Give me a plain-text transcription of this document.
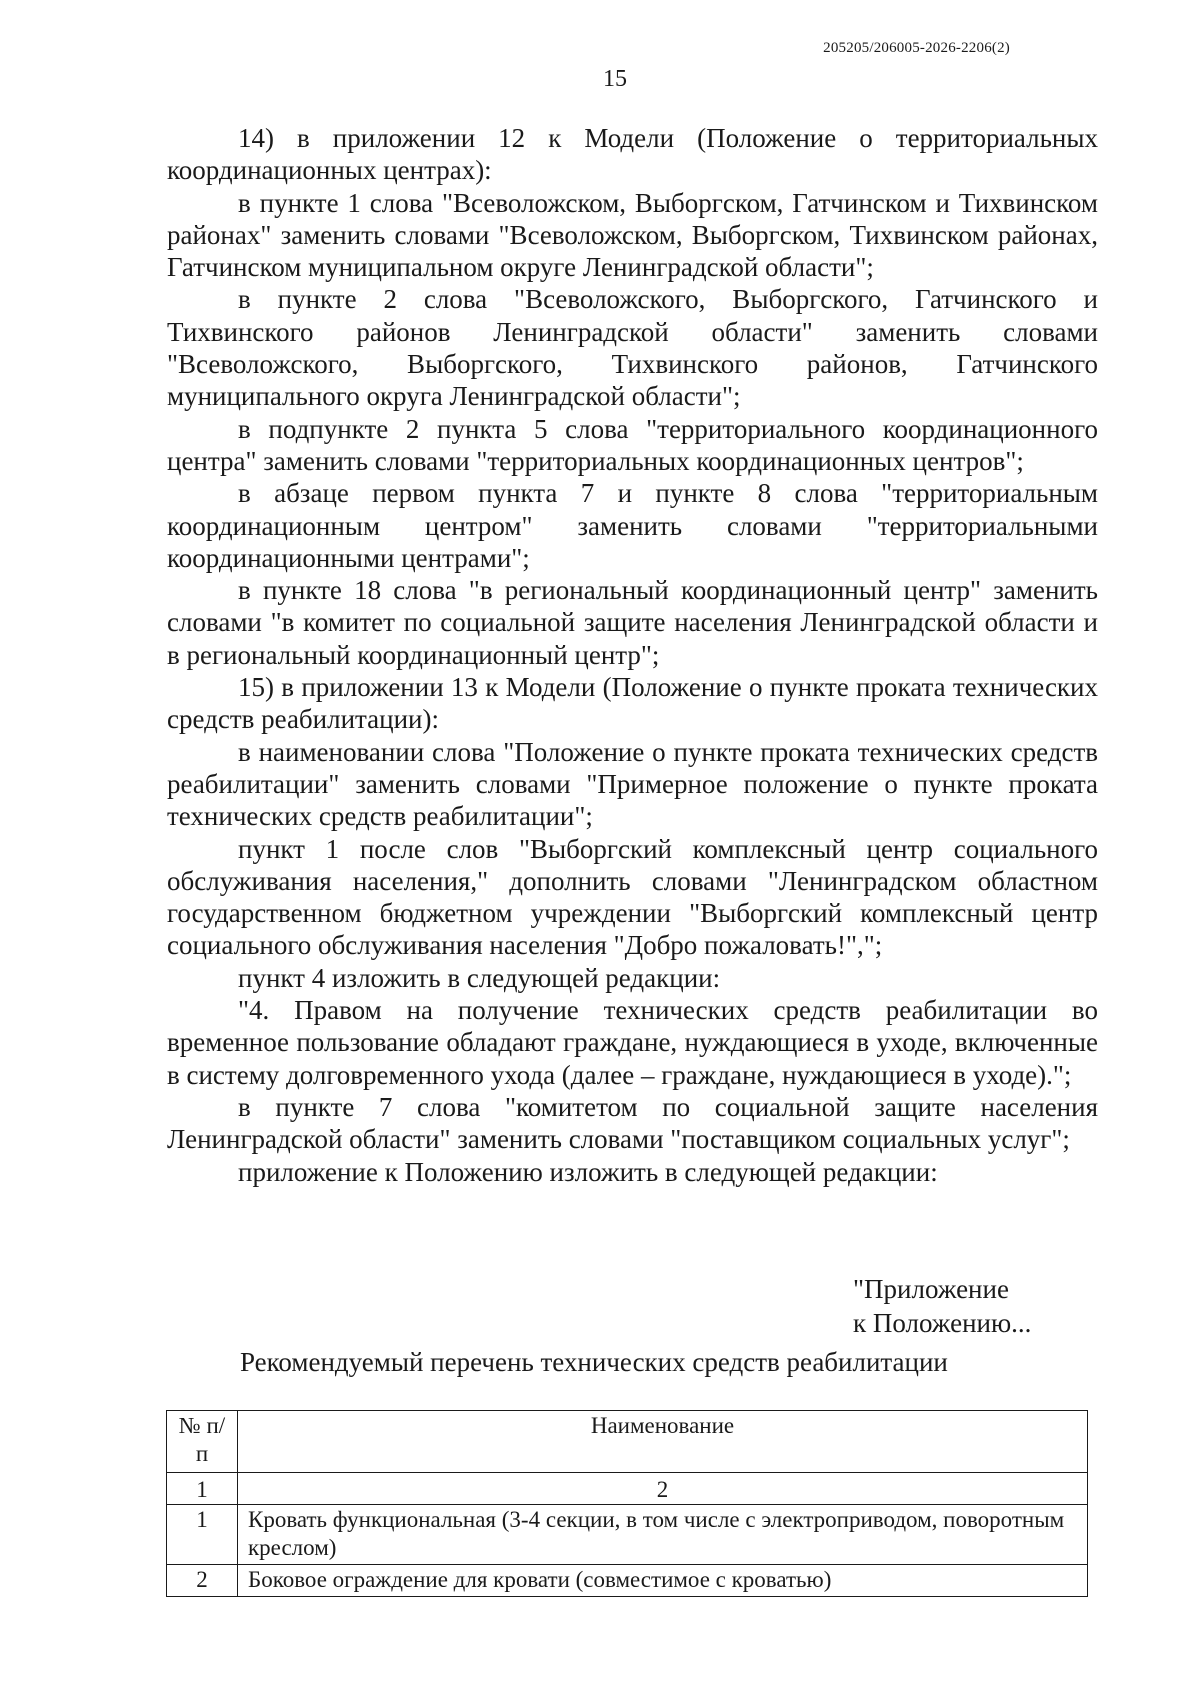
205205/206005-2026-2206(2)
15

14) в приложении 12 к Модели (Положение о территориальных координационных центрах):

в пункте 1 слова "Всеволожском, Выборгском, Гатчинском и Тихвинском районах" заменить словами "Всеволожском, Выборгском, Тихвинском районах, Гатчинском муниципальном округе Ленинградской области";

в пункте 2 слова "Всеволожского, Выборгского, Гатчинского и Тихвинского районов Ленинградской области" заменить словами "Всеволожского, Выборгского, Тихвинского районов, Гатчинского муниципального округа Ленинградской области";

в подпункте 2 пункта 5 слова "территориального координационного центра" заменить словами "территориальных координационных центров";

в абзаце первом пункта 7 и пункте 8 слова "территориальным координационным центром" заменить словами "территориальными координационными центрами";

в пункте 18 слова "в региональный координационный центр" заменить словами "в комитет по социальной защите населения Ленинградской области и в региональный координационный центр";

15) в приложении 13 к Модели (Положение о пункте проката технических средств реабилитации):

в наименовании слова "Положение о пункте проката технических средств реабилитации" заменить словами "Примерное положение о пункте проката технических средств реабилитации";

пункт 1 после слов "Выборгский комплексный центр социального обслуживания населения," дополнить словами "Ленинградском областном государственном бюджетном учреждении "Выборгский комплексный центр социального обслуживания населения "Добро пожаловать!",";

пункт 4 изложить в следующей редакции:

"4. Правом на получение технических средств реабилитации во временное пользование обладают граждане, нуждающиеся в уходе, включенные в систему долговременного ухода (далее – граждане, нуждающиеся в уходе).";

в пункте 7 слова "комитетом по социальной защите населения Ленинградской области" заменить словами "поставщиком социальных услуг";

приложение к Положению изложить в следующей редакции:

"Приложение
к Положению...
Рекомендуемый перечень технических средств реабилитации
№ п/п	Наименование
1	2
1	Кровать функциональная (3-4 секции, в том числе с электроприводом, поворотным креслом)
2	Боковое ограждение для кровати (совместимое с кроватью)
